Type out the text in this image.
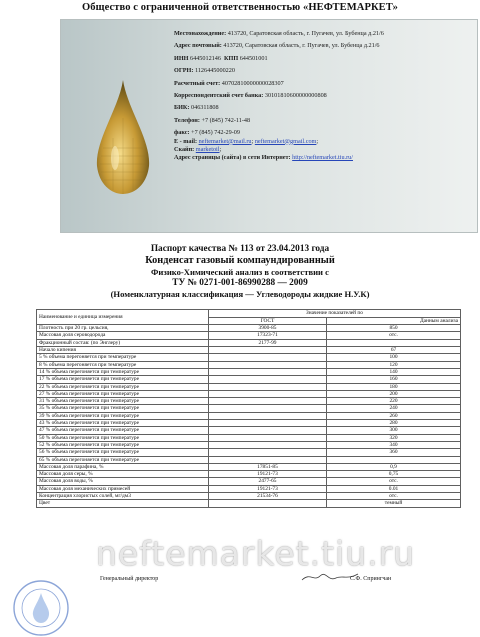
Общество с ограниченной ответственностью «НЕФТЕМАРКЕТ»
Местонахождение: 413720, Саратовская область, г. Пугачев, ул. Бубенца д.21/6
Адрес почтовый: 413720, Саратовская область, г. Пугачев, ул. Бубенца д.21/6
ИНН 6445012146 КПП 644501001
ОГРН: 1126445000220
Расчетный счет: 40702810000000028307
Корреспондентский счет банка: 30101810600000000808
БИК: 046311808
Телефон: +7 (845) 742-11-48
факс: +7 (845) 742-29-09
E - mail: neftemarket@mail.ru; neftemarket@gmail.com;
Скайп: marketoil;
Адрес страницы (сайта) в сети Интернет: http://neftemarket.tiu.ru/
Паспорт качества № 113 от 23.04.2013 года
Конденсат газовый компаундированный
Физико-Химический анализ в соответствии с
ТУ № 0271-001-86990288 — 2009
(Номенклатурная классификация — Углеводороды жидкие Н.У.К)
Наименование и единица измерения	Значение показателей по	
	ГОСТ	Данным анализа
Плотность при 20 гр. цельсия,	3900-85	850
Массовая доля сероводорода	17323-71	отс.
Фракционный состав: (по Энглеру)	2177-99	
Начало кипения		67
5 % объема перегоняется при температуре		100
8 % объема перегоняется при температуре		120
14 % объема перегоняется при температуре		140
17 % объема перегоняется при температуре		160
22 % объема перегоняется при температуре		180
27 % объема перегоняется при температуре		200
31 % объема перегоняется при температуре		220
35 % объема перегоняется при температуре		240
39 % объема перегоняется при температуре		260
43 % объема перегоняется при температуре		280
47 % объема перегоняется при температуре		300
50 % объема перегоняется при температуре		320
52 % объема перегоняется при температуре		340
56 % объема перегоняется при температуре		360
65 % объема перегоняется при температуре		
Массовая доля парафина, %	17851-85	0,9
Массовая доля серы, %	19121-73	0,75
Массовая доля воды, %	2477-65	отс.
Массовая доля механических примесей	19121-73	0.01
Концентрация хлористых солей, мг/дм3	21534-76	отс.
Цвет		темный
neftemarket.tiu.ru
Генеральный директор	С.Ф. Спрингчан
